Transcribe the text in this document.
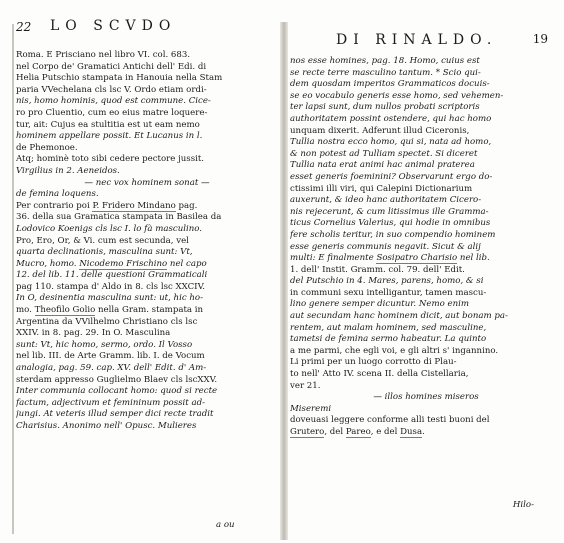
22 LO SCVDO
Roma. E Prisciano nel libro VI. col. 683.
nel Corpo de' Gramatici Antichi dell' Edi. di
Helia Putschio stampata in Hanouia nella Stam
paria VVechelana cls lsc V. Ordo etiam ordi-
nis, homo hominis, quod est commune. Cice-
ro pro Cluentio, cum eo eius matre loquere-
tur, ait: Cujus ea stultitia est ut eam nemo
hominem appellare possit. Et Lucanus in l.
de Phemonoe.
Atq; hominè toto sibi cedere pectore jussit.
Virgilius in 2. Aeneidos.
— nec vox hominem sonat —
de femina loquens.
Per contrario poi P. Fridero Mindano pag.
36. della sua Gramatica stampata in Basilea da
Lodovico Koenigs cls lsc I. lo fà masculino.
Pro, Ero, Or, & Vi. cum est secunda, vel
quarta declinationis, masculina sunt: Vt,
Mucro, homo. Nicodemo Frischino nel capo
12. del lib. 11. delle questioni Grammaticali
pag 110. stampa d' Aldo in 8. cls lsc XXCIV.
In O, desinentia masculina sunt: ut, hic ho-
mo. Theofilo Golio nella Gram. stampata in
Argentina da VVilhelmo Christiano cls lsc
XXIV. in 8. pag. 29. In O. Masculina
sunt: Vt, hic homo, sermo, ordo. Il Vosso
nel lib. III. de Arte Gramm. lib. I. de Vocum
analogia, pag. 59. cap. XV. dell' Edit. d' Am-
sterdam appresso Guglielmo Blaev cls lscXXV.
Inter communia collocant homo: quod si recte
factum, adjectivum et femininum possit ad-
jungi. At veteris illud semper dici recte tradit
Charisius. Anonimo nell' Opusc. Mulieres
a ou
DI RINALDO.	19
nos esse homines, pag. 18. Homo, cuius est
se recte terre masculino tantum. * Scio qui-
dem quosdam imperitos Grammaticos docuis-
se eo vocabulo generis esse homo, sed vehemen-
ter lapsi sunt, dum nullos probati scriptoris
authoritatem possint ostendere, qui hac homo
unquam dixerit. Adferunt illud Ciceronis,
Tullia nostra ecco homo, qui si, nata ad homo,
& non potest ad Tulliam spectet. Si diceret
Tullia nata erat animi hac animal praterea
esset generis foeminini? Observarunt ergo do-
ctissimi illi viri, qui Calepini Dictionarium
auxerunt, & ideo hanc authoritatem Cicero-
nis rejecerunt, & cum litissimus ille Gramma-
ticus Cornelius Valerius, qui hodie in omnibus
fere scholis teritur, in suo compendio hominem
esse generis communis negavit. Sicut & alij
multi: E finalmente Sosipatro Charisio nel lib.
1. dell' Instit. Gramm. col. 79. dell' Edit.
del Putschio in 4. Mares, parens, homo, & si
in communi sexu intelligantur, tamen mascu-
lino genere semper dicuntur. Nemo enim
aut secundam hanc hominem dicit, aut bonam pa-
rentem, aut malam hominem, sed masculine,
tametsi de femina sermo habeatur. La quinto
a me parmi, che egli voi, e gli altri s' ingannino.
Li primi per un luogo corrotto di Plau-
to nell' Atto IV. scena II. della Cistellaria,
ver 21.
— illos homines miseros
Miseremi
doveuasi leggere conforme alli testi buoni del
Grutero, del Pareo, e del Dusa.
Hilo-
